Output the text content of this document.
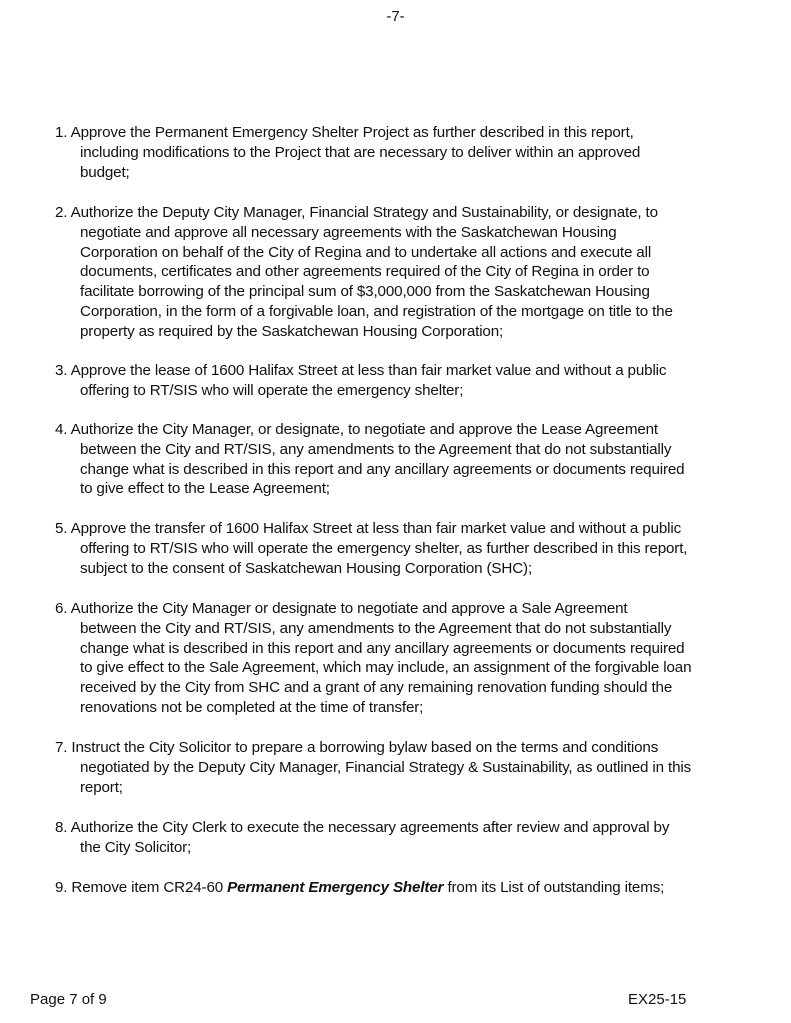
-7-
1. Approve the Permanent Emergency Shelter Project as further described in this report,
including modifications to the Project that are necessary to deliver within an approved
budget;
2. Authorize the Deputy City Manager, Financial Strategy and Sustainability, or designate, to
negotiate and approve all necessary agreements with the Saskatchewan Housing
Corporation on behalf of the City of Regina and to undertake all actions and execute all
documents, certificates and other agreements required of the City of Regina in order to
facilitate borrowing of the principal sum of $3,000,000 from the Saskatchewan Housing
Corporation, in the form of a forgivable loan, and registration of the mortgage on title to the
property as required by the Saskatchewan Housing Corporation;
3. Approve the lease of 1600 Halifax Street at less than fair market value and without a public
offering to RT/SIS who will operate the emergency shelter;
4. Authorize the City Manager, or designate, to negotiate and approve the Lease Agreement
between the City and RT/SIS, any amendments to the Agreement that do not substantially
change what is described in this report and any ancillary agreements or documents required
to give effect to the Lease Agreement;
5. Approve the transfer of 1600 Halifax Street at less than fair market value and without a public
offering to RT/SIS who will operate the emergency shelter, as further described in this report,
subject to the consent of Saskatchewan Housing Corporation (SHC);
6. Authorize the City Manager or designate to negotiate and approve a Sale Agreement
between the City and RT/SIS, any amendments to the Agreement that do not substantially
change what is described in this report and any ancillary agreements or documents required
to give effect to the Sale Agreement, which may include, an assignment of the forgivable loan
received by the City from SHC and a grant of any remaining renovation funding should the
renovations not be completed at the time of transfer;
7. Instruct the City Solicitor to prepare a borrowing bylaw based on the terms and conditions
negotiated by the Deputy City Manager, Financial Strategy & Sustainability, as outlined in this
report;
8. Authorize the City Clerk to execute the necessary agreements after review and approval by
the City Solicitor;
9. Remove item CR24-60 Permanent Emergency Shelter from its List of outstanding items;
Page 7 of 9	EX25-15
